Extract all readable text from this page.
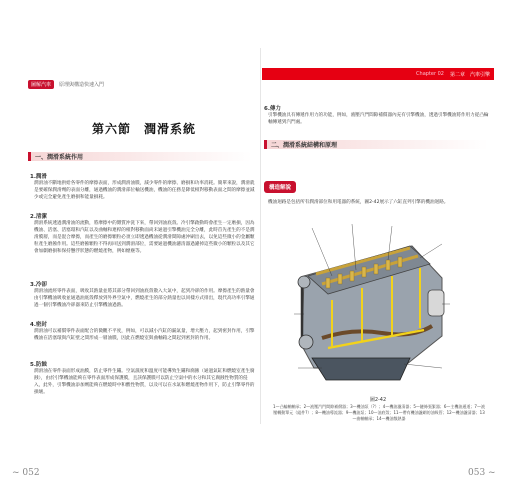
圖解汽車	原理與構造快速入門
第六節　潤滑系統
一、潤滑系統作用
1.潤滑
潤滑油不斷地供給各零件的摩擦表面，形成潤滑油膜，減少零件的摩擦、磨損和功率消耗。簡單來說，潤滑就是要確保潤滑劑的表面分離，通過機油的潤滑部位輸送機油，機油的任務是降低相對移動表面之間的摩擦並減少或完全避免產生磨損和能量損耗。
2.清潔
潤滑系統透過潤滑油的流動，將摩擦中的雜質沖洗下來，帶回到油底殼。冷引擎啟動時會產生一定磨損，因為機油、活塞、活塞環和汽缸以及曲軸和連桿的相對移動面尚未通過引擎機油完全分離，此時首先產生的不是潤滑膜層，而是混合摩擦，而產生的磨擦顆粒必須立即透過機油從潤滑間隙處沖刷出去，以免這些微小的金屬顆粒產生磨蝕作用。這些磨蝕顆粒不得再回送到潤滑部位，需要通過機油濾清器過濾掉這些微小的顆粒以及其它會加劇磨損和保持懸浮狀態的燃燒產物，例如煙塵等。
3.冷卻
潤滑油流經零件表面，吸收其熱量並將其部分帶回到油底殼散入大氣中，起到冷卻的作用。摩擦產生的熱量會由引擎機油吸收並通過油底殼釋放到外界空氣中，燃燒產生的部分熱量也以同樣方式排出，現代高功率引擎通過一個引擎機油冷卻器來防止引擎機油過熱。
4.密封
潤滑油可以補償零件表面配合的微觀不平度，例如，可以減小汽缸的漏氣量，增大壓力，起到密封作用，引擎機油在活塞環與汽缸壁之間形成一層油膜，因此在燃燒室與曲軸箱之間起到密封的作用。
5.防蝕
潤滑油在零件表面形成油膜，防止零件生鏽。空氣濕度和溫度可能導致生鏽和腐蝕（通過氣缸和燃燒室產生腐蝕），由於引擎機油能夠在零件表面形成保護膜，且該保護膜可以防止空氣中的水分和其它腐蝕性物質的侵入，此外，引擎機油添加劑能夠在燃燒時中和酸性物質，以及可以在水氣和燃燒產物作用下，防止引擎零件的損壞。
~ 052
Chapter 02 第二章　汽車引擎
6.傳力
引擎機油具有傳遞作用力的功能，例如，液壓汽門間隙補償器內充有引擎機油，透過引擎機油將作用力從凸輪軸傳遞到汽門處。
二、潤滑系統結構和原理
構造解說
機油迴路是包括所有潤滑部位和用電器的系統，圖2-42展示了六缸直列引擎的機油迴路。
圖2-42
1—凸輪軸軸承；2—液壓汽門間隙補償器；3—機油泵（?）；4—機油濾清器；5—鏈條張緊器；6—主機油通道；7—液壓轉動單元（組件?）；8—機油導流器；9—機油泵；10—油底殼；11—帶有機油濾網的油吸管；12—機油濾清器；13—曲軸軸承；14—機油散熱器
053 ~
